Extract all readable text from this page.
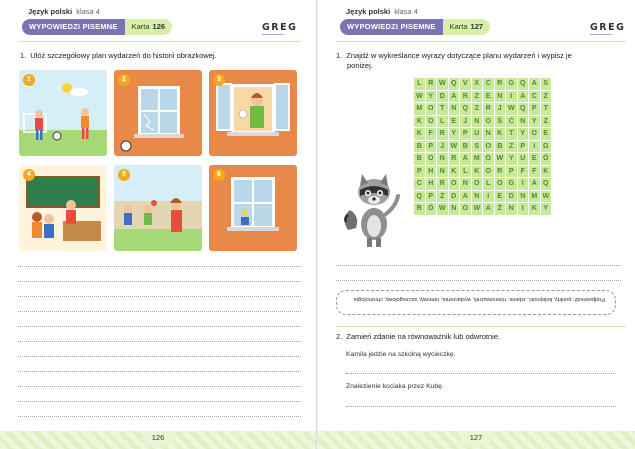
Język polski klasa 4
WYPOWIEDZI PISEMNE	Karta 126	GREG
▬▬▬▬▬▬▬▬
1. Ułóż szczegółowy plan wydarzeń do historii obrazkowej.
1	2	3
4	5	6
126
Język polski klasa 4
WYPOWIEDZI PISEMNE	Karta 127	GREG
▬▬▬▬▬▬▬▬
1. Znajdź w wykreślance wyrazy dotyczące planu wydarzeń i wypisz je
poniżej.
L	R	W	Q	V	X	C	R	G	Q	A	S
W	Y	D	A	R	Z	E	N	I	A	C	Z
M	O	T	N	Q	Z	R	J	W	Q	P	T
K	O	L	E	J	N	O	Ś	Ć	N	Y	Z
K	F	R	Y	P	U	N	K	T	Y	O	E
B	P	J	W	B	S	O	B	Z	P	I	G
B	O	N	R	A	M	O	W	Y	U	E	Ó
P	H	N	K	L	K	O	R	P	F	F	K
C	H	R	O	N	O	L	O	G	I	A	Q
Q	P	Z	D	A	N	I	E	D	N	M	W
R	Ó	W	N	O	W	A	Ż	N	I	K	Y
Podpowiedź: punkty, kolejność, zdanie, równoważnik, wydarzenia, ramowy, szczegółowy, chronologia
2. Zamień zdanie na równoważnik lub odwrotnie.
Kamila jedzie na szkolną wycieczkę.
Znalezienie kociaka przez Kubę.
127
